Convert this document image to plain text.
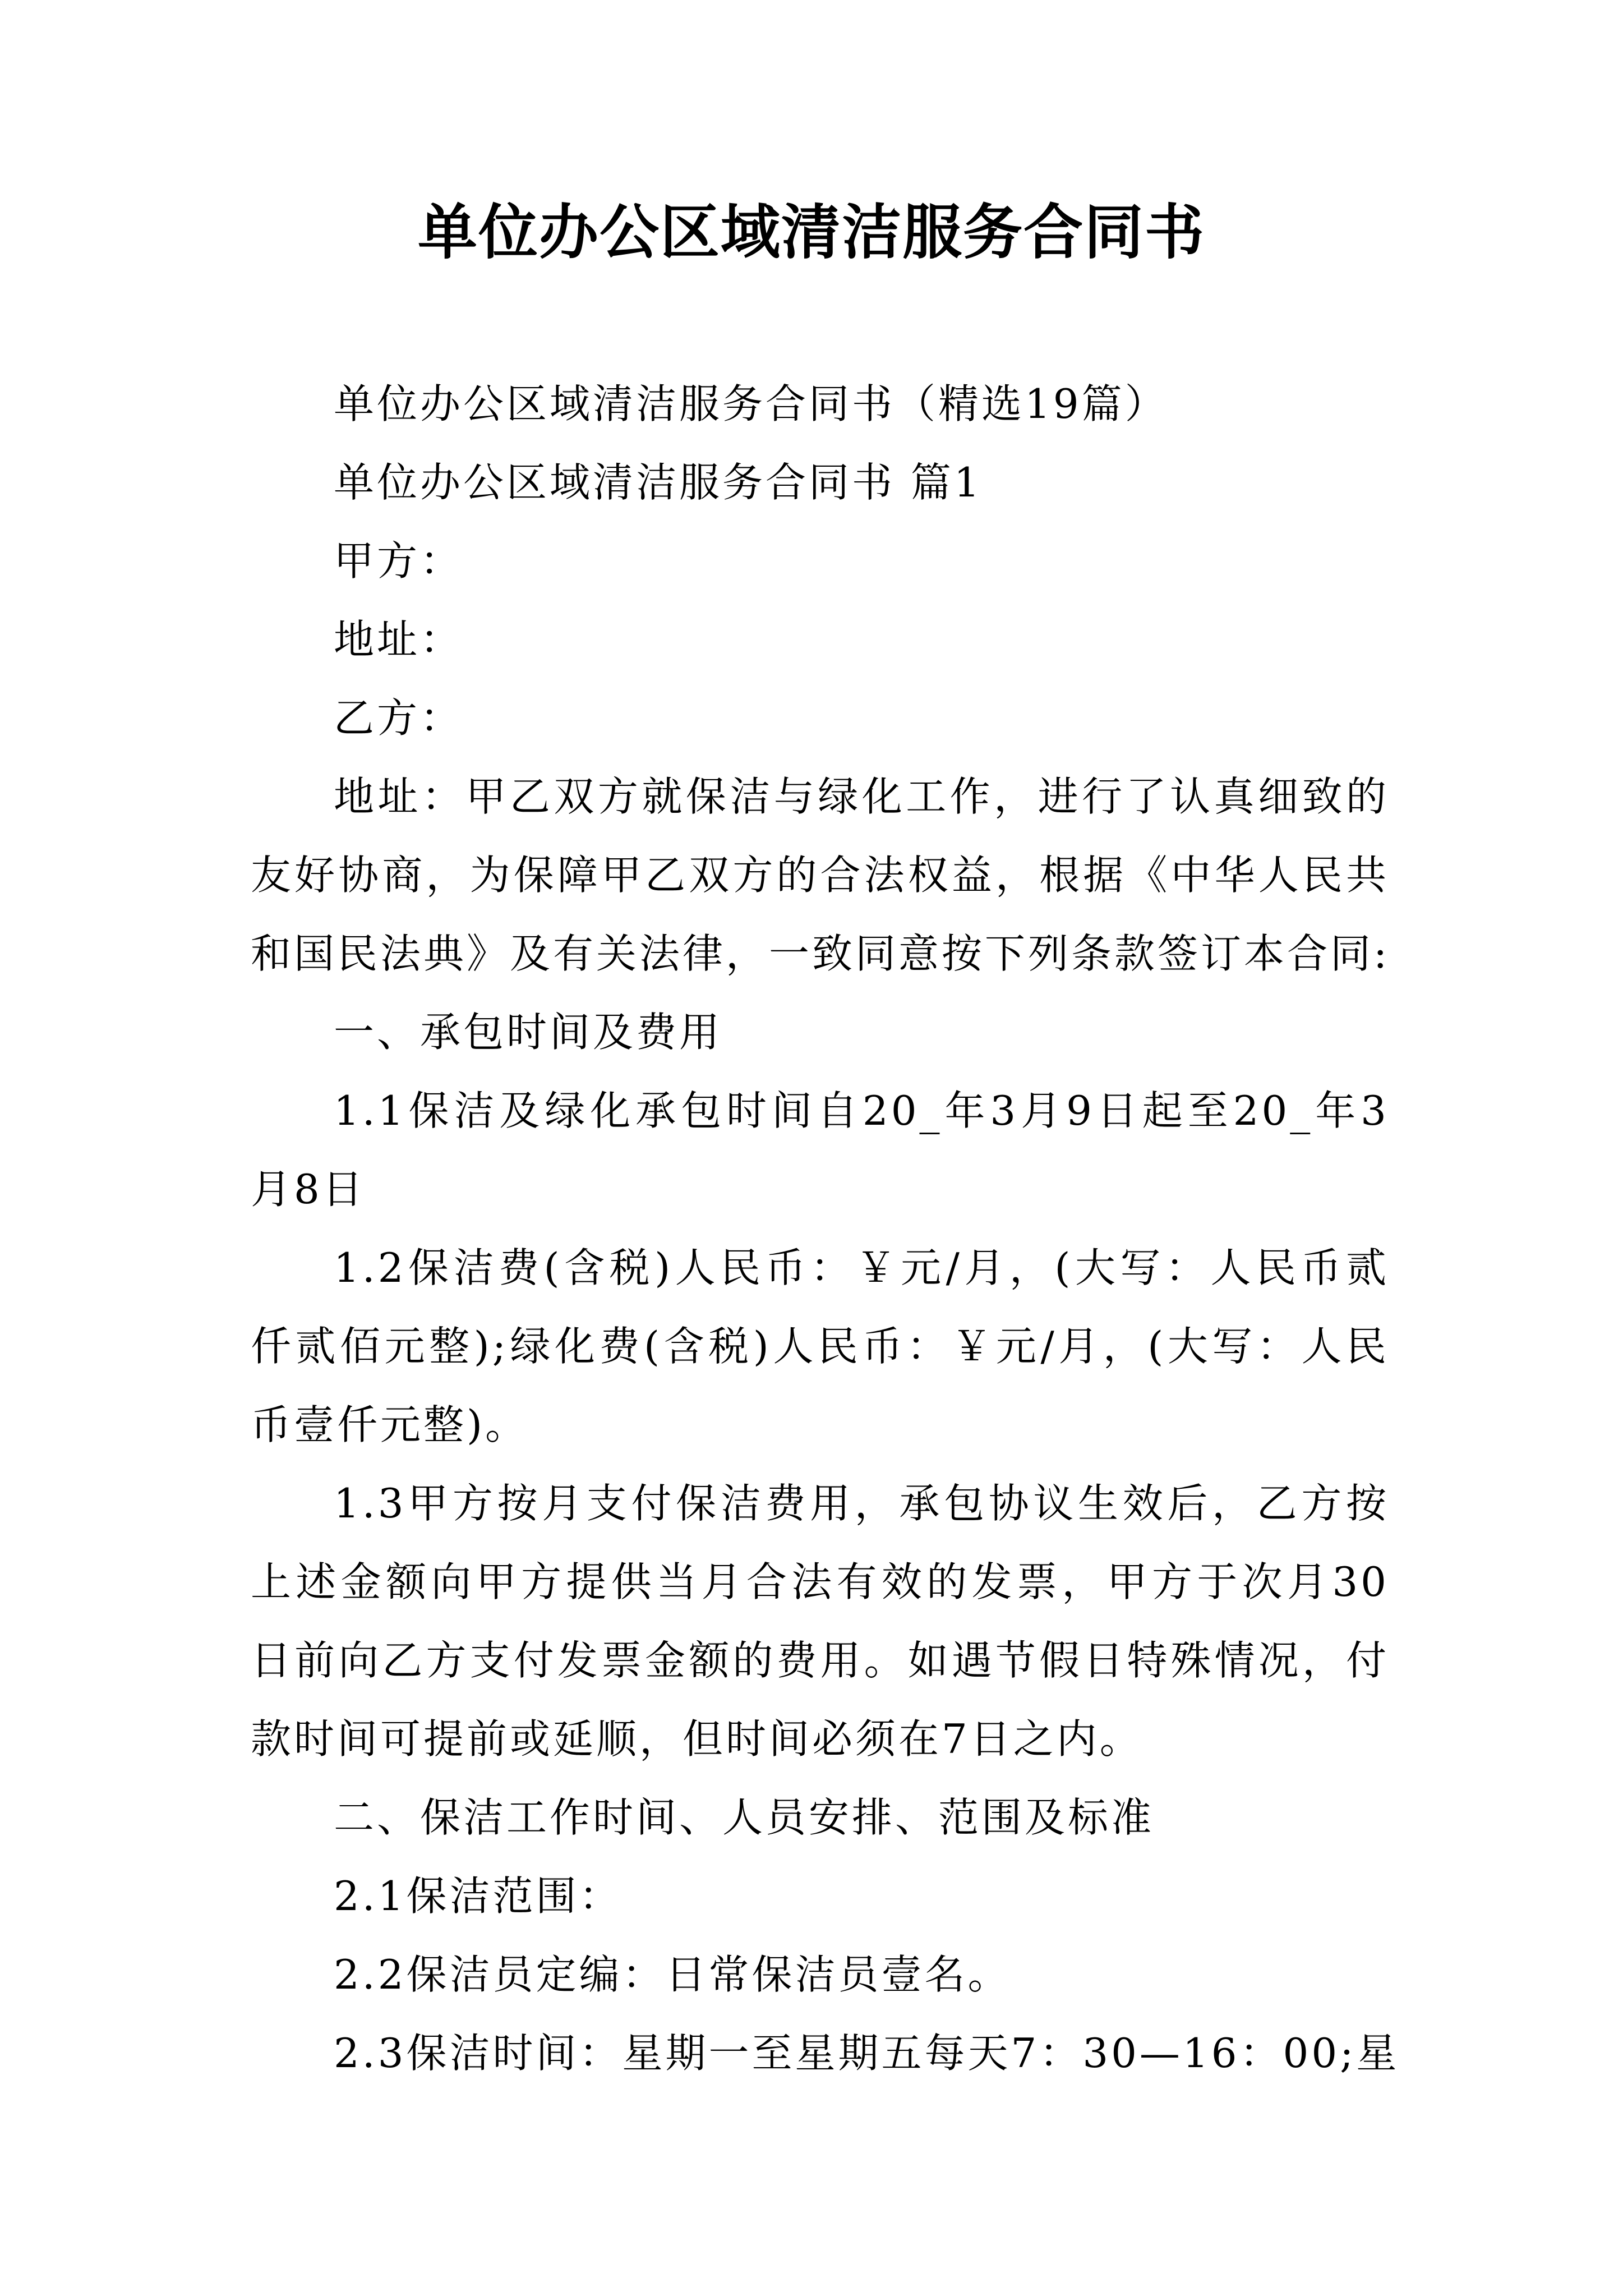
单位办公区域清洁服务合同书
单位办公区域清洁服务合同书（精选19篇）
单位办公区域清洁服务合同书 篇1
甲方：
地址：
乙方：
地址：甲乙双方就保洁与绿化工作，进行了认真细致的
友好协商，为保障甲乙双方的合法权益，根据《中华人民共
和国民法典》及有关法律，一致同意按下列条款签订本合同:
一、承包时间及费用
1.1保洁及绿化承包时间自20_年3月9日起至20_年3
月8日
1.2保洁费(含税)人民币：￥元/月，(大写：人民币贰
仟贰佰元整);绿化费(含税)人民币：￥元/月，(大写：人民
币壹仟元整)。
1.3甲方按月支付保洁费用，承包协议生效后，乙方按
上述金额向甲方提供当月合法有效的发票，甲方于次月30
日前向乙方支付发票金额的费用。如遇节假日特殊情况，付
款时间可提前或延顺，但时间必须在7日之内。
二、保洁工作时间、人员安排、范围及标准
2.1保洁范围：
2.2保洁员定编：日常保洁员壹名。
2.3保洁时间：星期一至星期五每天7：30—16：00;星
